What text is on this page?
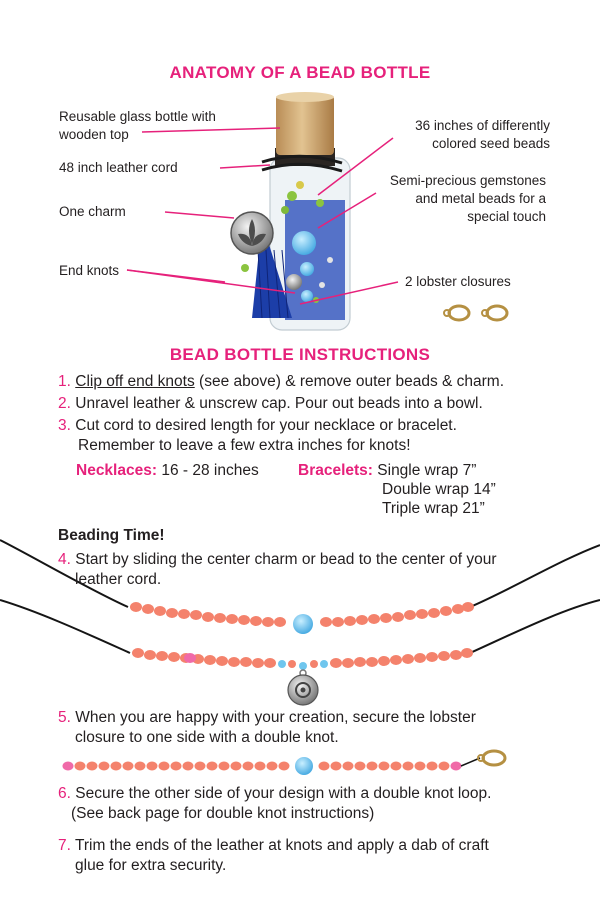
ANATOMY OF A BEAD BOTTLE
Reusable glass bottle with
wooden top
48 inch leather cord
One charm
End knots
36 inches of differently
colored seed beads
Semi-precious gemstones
and metal beads for a
special touch
2 lobster closures
BEAD BOTTLE INSTRUCTIONS
1. Clip off end knots (see above) & remove outer beads & charm.
2. Unravel leather & unscrew cap. Pour out beads into a bowl.
3. Cut cord to desired length for your necklace or bracelet.
Remember to leave a few extra inches for knots!
Necklaces: 16 - 28 inches	Bracelets: Single wrap 7”
Double wrap 14”
Triple wrap 21”
Beading Time!
4. Start by sliding the center charm or bead to the center of your
leather cord.
5. When you are happy with your creation, secure the lobster
closure to one side with a double knot.
6. Secure the other side of your design with a double knot loop.
(See back page for double knot instructions)
7. Trim the ends of the leather at knots and apply a dab of craft
glue for extra security.
